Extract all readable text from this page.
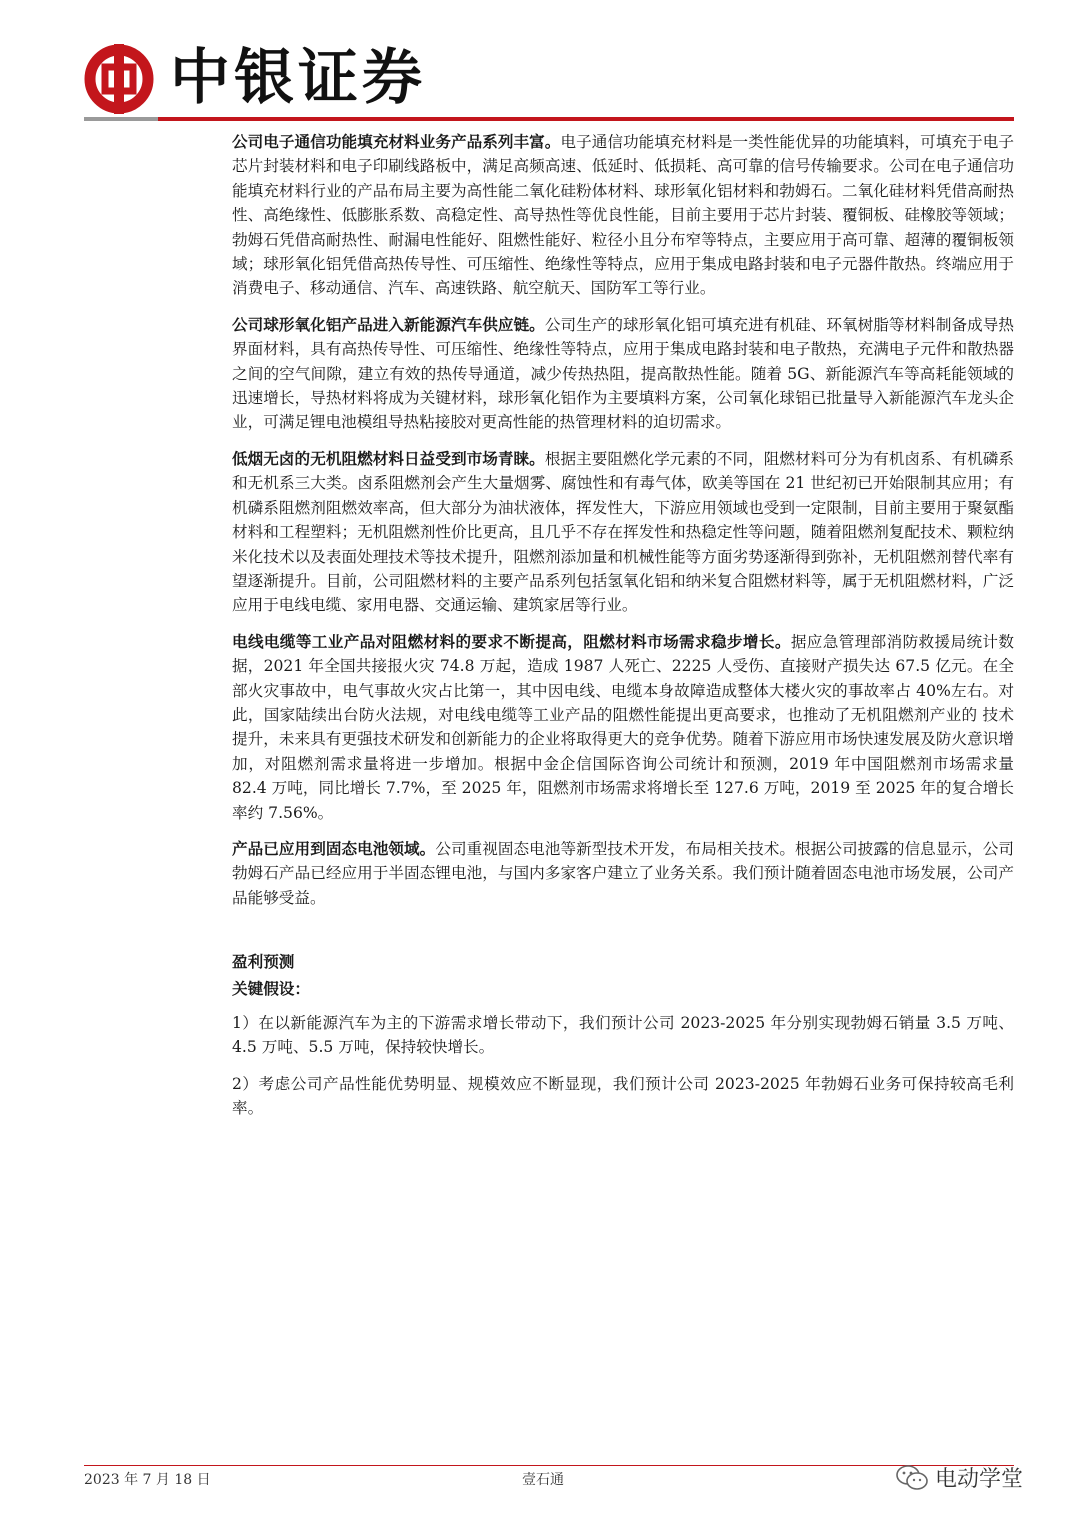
中银证券

公司电子通信功能填充材料业务产品系列丰富。电子通信功能填充材料是一类性能优异的功能填料，可填充于电子芯片封装材料和电子印刷线路板中，满足高频高速、低延时、低损耗、高可靠的信号传输要求。公司在电子通信功能填充材料行业的产品布局主要为高性能二氧化硅粉体材料、球形氧化铝材料和勃姆石。二氧化硅材料凭借高耐热性、高绝缘性、低膨胀系数、高稳定性、高导热性等优良性能，目前主要用于芯片封装、覆铜板、硅橡胶等领域；勃姆石凭借高耐热性、耐漏电性能好、阻燃性能好、粒径小且分布窄等特点，主要应用于高可靠、超薄的覆铜板领域；球形氧化铝凭借高热传导性、可压缩性、绝缘性等特点，应用于集成电路封装和电子元器件散热。终端应用于消费电子、移动通信、汽车、高速铁路、航空航天、国防军工等行业。

公司球形氧化铝产品进入新能源汽车供应链。公司生产的球形氧化铝可填充进有机硅、环氧树脂等材料制备成导热界面材料，具有高热传导性、可压缩性、绝缘性等特点，应用于集成电路封装和电子散热，充满电子元件和散热器之间的空气间隙，建立有效的热传导通道，减少传热热阻，提高散热性能。随着 5G、新能源汽车等高耗能领域的迅速增长，导热材料将成为关键材料，球形氧化铝作为主要填料方案，公司氧化球铝已批量导入新能源汽车龙头企业，可满足锂电池模组导热粘接胶对更高性能的热管理材料的迫切需求。

低烟无卤的无机阻燃材料日益受到市场青睐。根据主要阻燃化学元素的不同，阻燃材料可分为有机卤系、有机磷系和无机系三大类。卤系阻燃剂会产生大量烟雾、腐蚀性和有毒气体，欧美等国在 21 世纪初已开始限制其应用；有机磷系阻燃剂阻燃效率高，但大部分为油状液体，挥发性大，下游应用领域也受到一定限制，目前主要用于聚氨酯材料和工程塑料；无机阻燃剂性价比更高，且几乎不存在挥发性和热稳定性等问题，随着阻燃剂复配技术、颗粒纳米化技术以及表面处理技术等技术提升，阻燃剂添加量和机械性能等方面劣势逐渐得到弥补，无机阻燃剂替代率有望逐渐提升。目前，公司阻燃材料的主要产品系列包括氢氧化铝和纳米复合阻燃材料等，属于无机阻燃材料，广泛应用于电线电缆、家用电器、交通运输、建筑家居等行业。

电线电缆等工业产品对阻燃材料的要求不断提高，阻燃材料市场需求稳步增长。据应急管理部消防救援局统计数据，2021 年全国共接报火灾 74.8 万起，造成 1987 人死亡、2225 人受伤、直接财产损失达 67.5 亿元。在全部火灾事故中，电气事故火灾占比第一，其中因电线、电缆本身故障造成整体大楼火灾的事故率占 40%左右。对此，国家陆续出台防火法规，对电线电缆等工业产品的阻燃性能提出更高要求，也推动了无机阻燃剂产业的 技术提升，未来具有更强技术研发和创新能力的企业将取得更大的竞争优势。随着下游应用市场快速发展及防火意识增加，对阻燃剂需求量将进一步增加。根据中金企信国际咨询公司统计和预测，2019 年中国阻燃剂市场需求量 82.4 万吨，同比增长 7.7%，至 2025 年，阻燃剂市场需求将增长至 127.6 万吨，2019 至 2025 年的复合增长率约 7.56%。

产品已应用到固态电池领域。公司重视固态电池等新型技术开发，布局相关技术。根据公司披露的信息显示，公司勃姆石产品已经应用于半固态锂电池，与国内多家客户建立了业务关系。我们预计随着固态电池市场发展，公司产品能够受益。

盈利预测
关键假设：

1）在以新能源汽车为主的下游需求增长带动下，我们预计公司 2023-2025 年分别实现勃姆石销量 3.5 万吨、4.5 万吨、5.5 万吨，保持较快增长。

2）考虑公司产品性能优势明显、规模效应不断显现，我们预计公司 2023-2025 年勃姆石业务可保持较高毛利率。

2023 年 7 月 18 日	壹石通	电动学堂
